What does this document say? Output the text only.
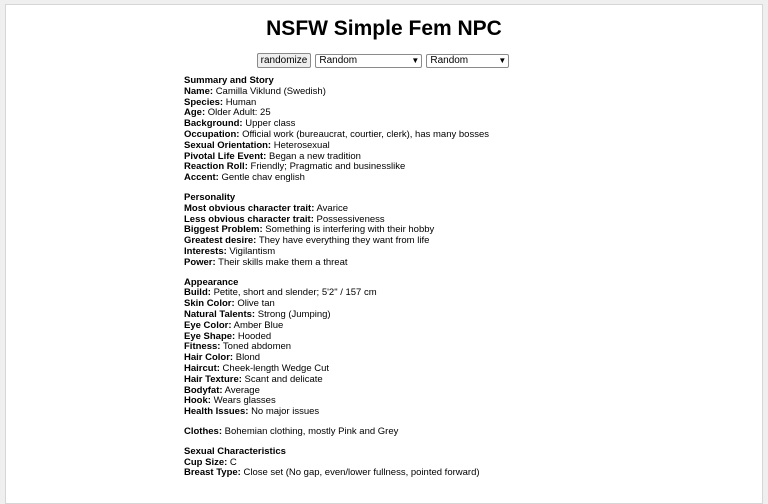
NSFW Simple Fem NPC
randomize Random	▼ Random	▼
Summary and Story
Name: Camilla Viklund (Swedish)
Species: Human
Age: Older Adult: 25
Background: Upper class
Occupation: Official work (bureaucrat, courtier, clerk), has many bosses
Sexual Orientation: Heterosexual
Pivotal Life Event: Began a new tradition
Reaction Roll: Friendly; Pragmatic and businesslike
Accent: Gentle chav english
Personality
Most obvious character trait: Avarice
Less obvious character trait: Possessiveness
Biggest Problem: Something is interfering with their hobby
Greatest desire: They have everything they want from life
Interests: Vigilantism
Power: Their skills make them a threat
Appearance
Build: Petite, short and slender; 5'2" / 157 cm
Skin Color: Olive tan
Natural Talents: Strong (Jumping)
Eye Color: Amber Blue
Eye Shape: Hooded
Fitness: Toned abdomen
Hair Color: Blond
Haircut: Cheek-length Wedge Cut
Hair Texture: Scant and delicate
Bodyfat: Average
Hook: Wears glasses
Health Issues: No major issues
Clothes: Bohemian clothing, mostly Pink and Grey
Sexual Characteristics
Cup Size: C
Breast Type: Close set (No gap, even/lower fullness, pointed forward)
